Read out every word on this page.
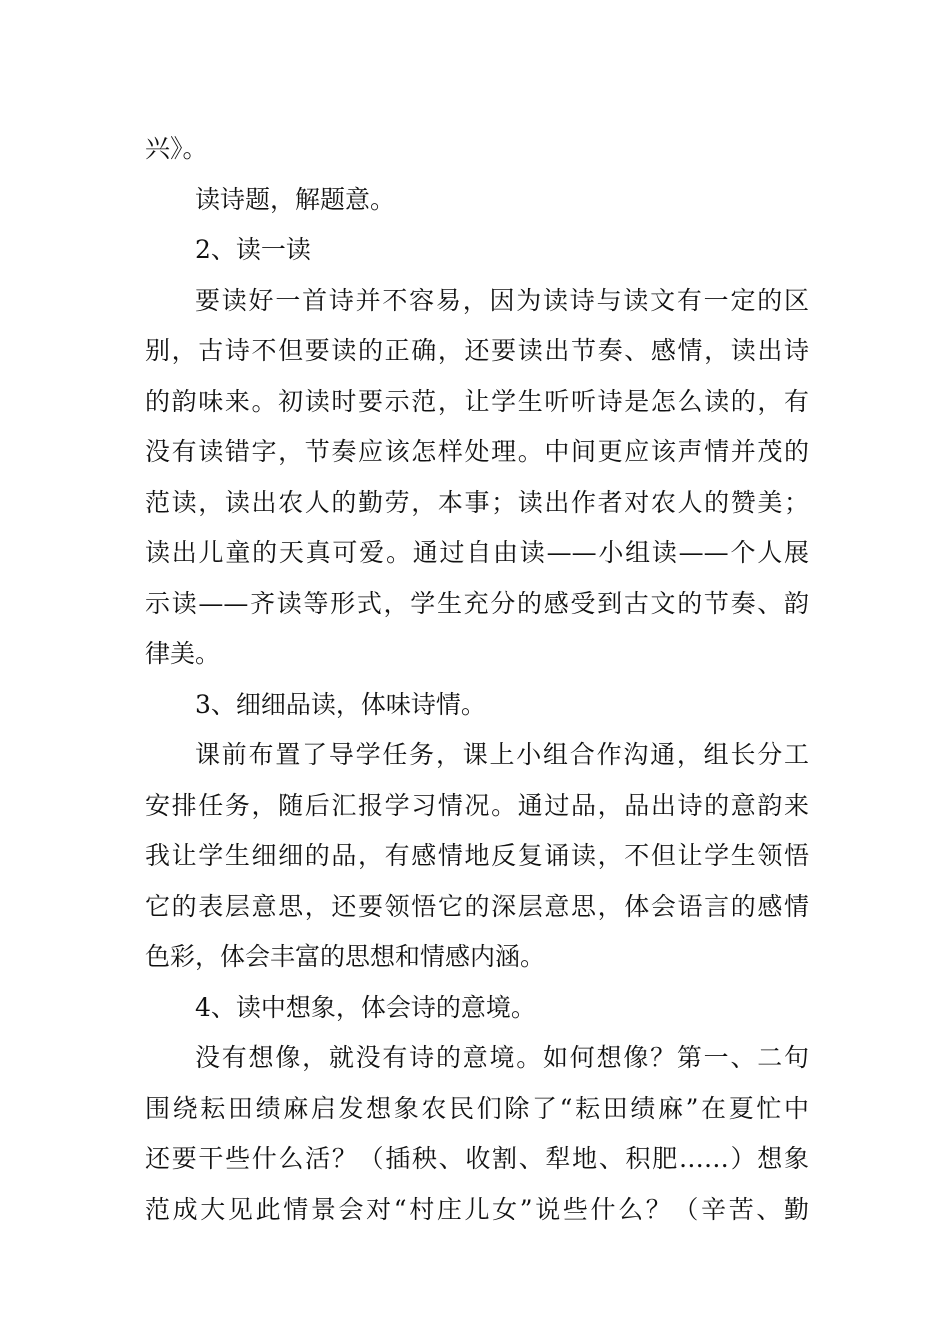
兴》。
读诗题，解题意。
2、读一读
要读好一首诗并不容易，因为读诗与读文有一定的区
别，古诗不但要读的正确，还要读出节奏、感情，读出诗
的韵味来。初读时要示范，让学生听听诗是怎么读的，有
没有读错字，节奏应该怎样处理。中间更应该声情并茂的
范读，读出农人的勤劳，本事；读出作者对农人的赞美；
读出儿童的天真可爱。通过自由读——小组读——个人展
示读——齐读等形式，学生充分的感受到古文的节奏、韵
律美。
3、细细品读，体味诗情。
课前布置了导学任务，课上小组合作沟通，组长分工
安排任务，随后汇报学习情况。通过品，品出诗的意韵来
我让学生细细的品，有感情地反复诵读，不但让学生领悟
它的表层意思，还要领悟它的深层意思，体会语言的感情
色彩，体会丰富的思想和情感内涵。
4、读中想象，体会诗的意境。
没有想像，就没有诗的意境。如何想像？第一、二句
围绕耘田绩麻启发想象农民们除了“耘田绩麻”在夏忙中
还要干些什么活？（插秧、收割、犁地、积肥……）想象
范成大见此情景会对“村庄儿女”说些什么？（辛苦、勤
